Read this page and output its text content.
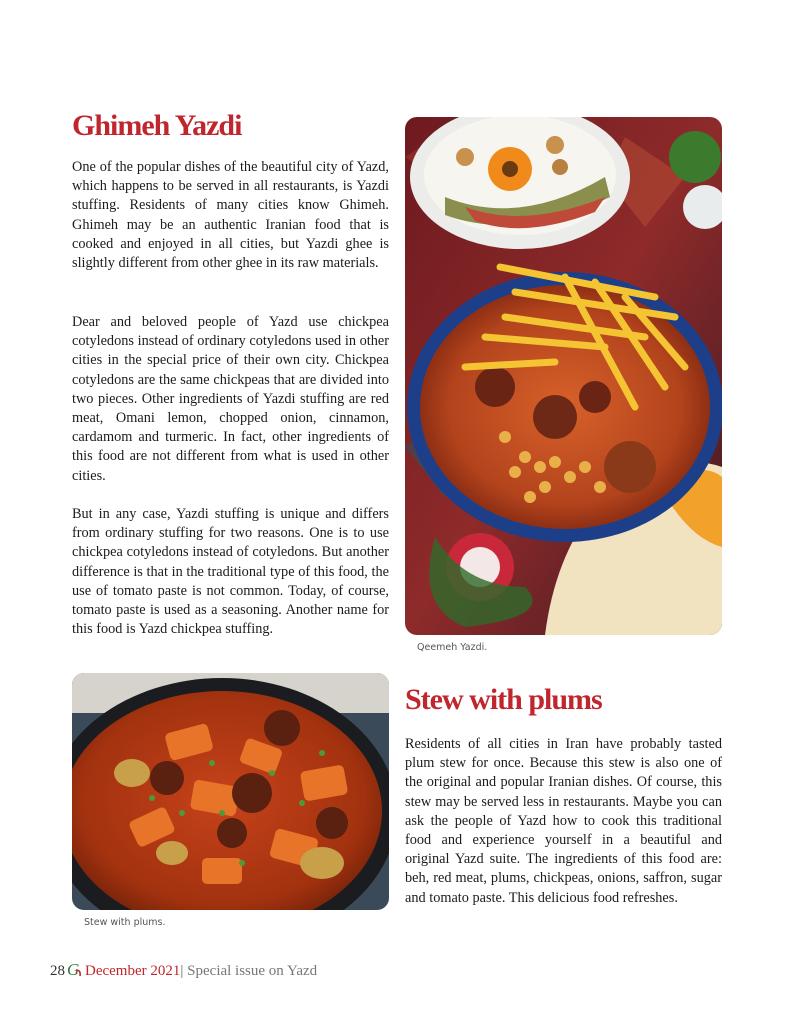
Ghimeh Yazdi

One of the popular dishes of the beautiful city of Yazd, which happens to be served in all restaurants, is Yazdi stuffing. Residents of many cities know Ghimeh. Ghimeh may be an authentic Iranian food that is cooked and enjoyed in all cities, but Yazdi ghee is slightly different from other ghee in its raw materials.

Dear and beloved people of Yazd use chickpea cotyledons instead of ordinary cotyledons used in other cities in the special price of their own city. Chickpea cotyledons are the same chickpeas that are divided into two pieces. Other ingredients of Yazdi stuffing are red meat, Omani lemon, chopped onion, cinnamon, cardamom and turmeric. In fact, other ingredients of this food are not different from what is used in other cities.

But in any case, Yazdi stuffing is unique and differs from ordinary stuffing for two reasons. One is to use chickpea cotyledons instead of cotyledons. But another difference is that in the traditional type of this food, the use of tomato paste is not common. Today, of course, tomato paste is used as a seasoning. Another name for this food is Yazd chickpea stuffing.

Qeemeh Yazdi.
Stew with plums.
Stew with plums

Residents of all cities in Iran have probably tasted plum stew for once. Because this stew is also one of the original and popular Iranian dishes. Of course, this stew may be served less in restaurants. Maybe you can ask the people of Yazd how to cook this traditional food and experience yourself in a beautiful and original Yazd suite. The ingredients of this food are: beh, red meat, plums, chickpeas, onions, saffron, sugar and tomato paste. This delicious food refreshes.

28 G December 2021| Special issue on Yazd
